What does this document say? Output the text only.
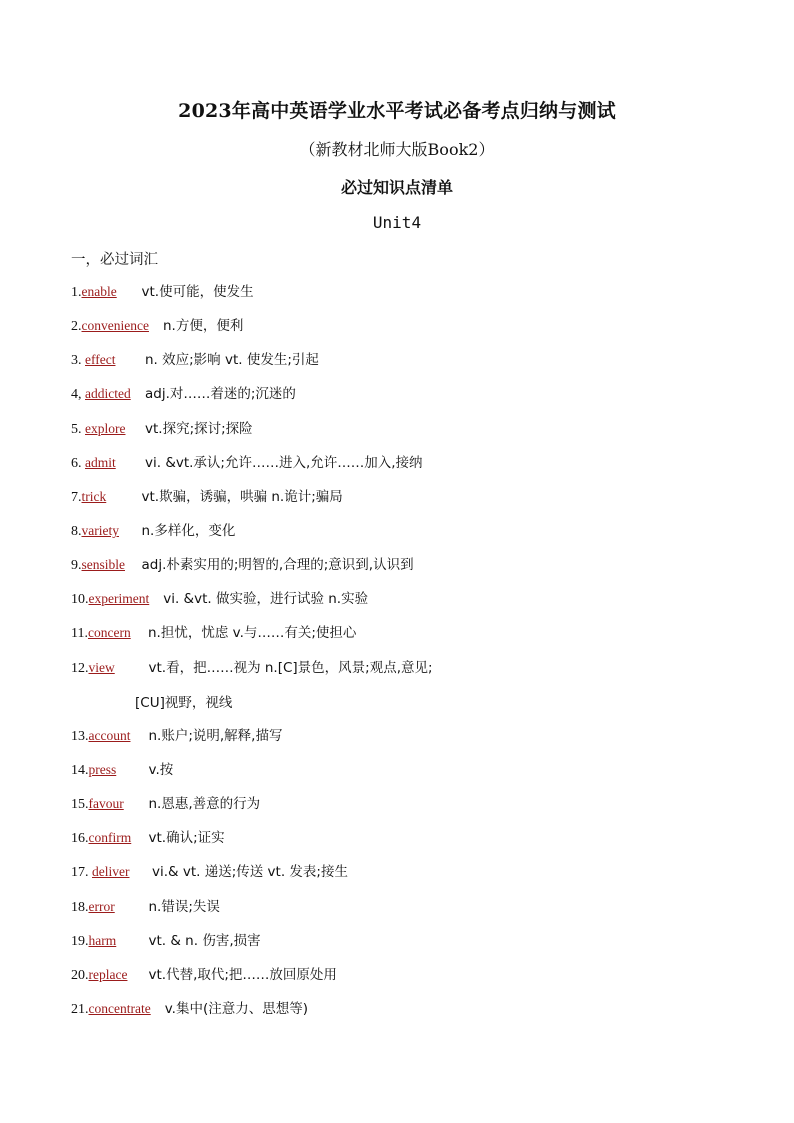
2023年高中英语学业水平考试必备考点归纳与测试
（新教材北师大版Book2）
必过知识点清单
Unit4
一，必过词汇
1.enable vt.使可能，使发生
2.convenience n.方便，便利
3. effect n. 效应;影响 vt. 使发生;引起
4, addicted adj.对……着迷的;沉迷的
5. explore vt.探究;探讨;探险
6. admit vi. &vt.承认;允许……进入,允许……加入,接纳
7.trick	vt.欺骗，诱骗，哄骗 n.诡计;骗局
8.variety n.多样化，变化
9.sensible adj.朴素实用的;明智的,合理的;意识到,认识到
10.experiment vi. &vt. 做实验，进行试验 n.实验
11.concern n.担忧，忧虑 v.与……有关;使担心
12.view	vt.看，把……视为 n.[C]景色，风景;观点,意见;
[CU]视野，视线
13.account n.账户;说明,解释,描写
14.press v.按
15.favour n.恩惠,善意的行为
16.confirm vt.确认;证实
17. deliver vi.& vt. 递送;传送 vt. 发表;接生
18.error	n.错误;失误
19.harm vt. & n. 伤害,损害
20.replace vt.代替,取代;把……放回原处用
21.concentrate v.集中(注意力、思想等)
